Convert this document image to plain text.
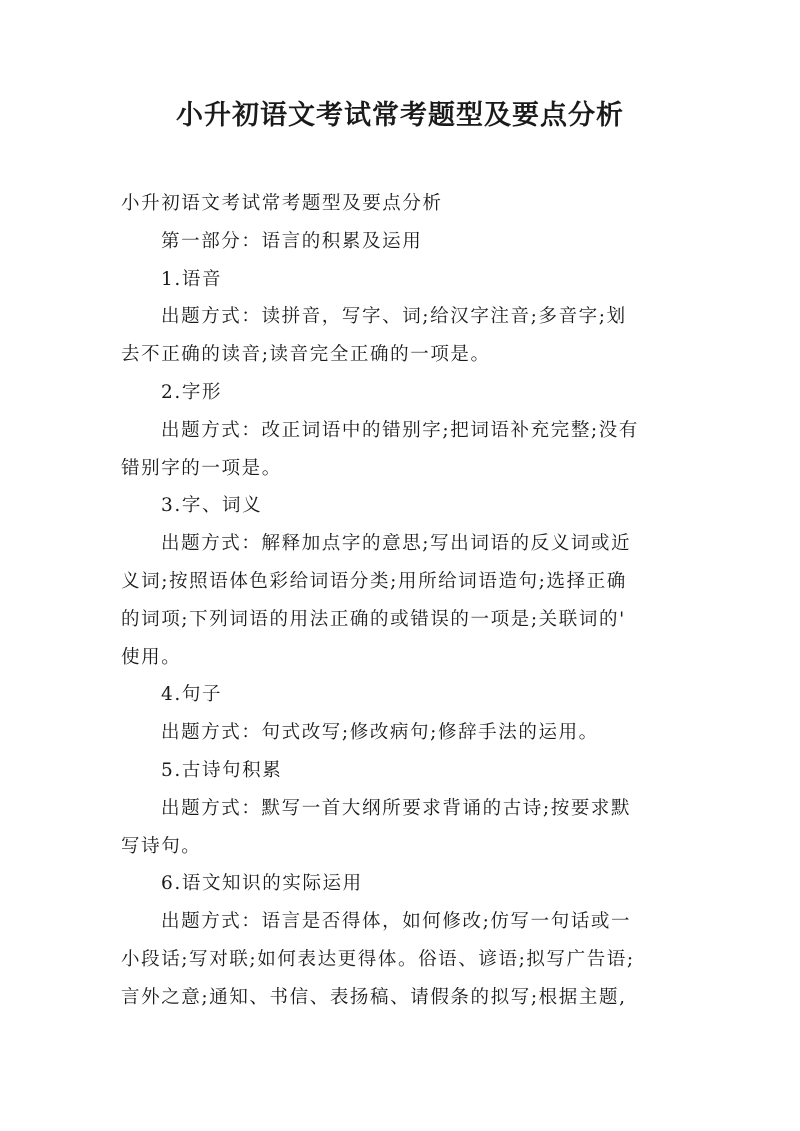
小升初语文考试常考题型及要点分析
小升初语文考试常考题型及要点分析
第一部分：语言的积累及运用
1.语音
出题方式：读拼音，写字、词;给汉字注音;多音字;划
去不正确的读音;读音完全正确的一项是。
2.字形
出题方式：改正词语中的错别字;把词语补充完整;没有
错别字的一项是。
3.字、词义
出题方式：解释加点字的意思;写出词语的反义词或近
义词;按照语体色彩给词语分类;用所给词语造句;选择正确
的词项;下列词语的用法正确的或错误的一项是;关联词的'
使用。
4.句子
出题方式：句式改写;修改病句;修辞手法的运用。
5.古诗句积累
出题方式：默写一首大纲所要求背诵的古诗;按要求默
写诗句。
6.语文知识的实际运用
出题方式：语言是否得体，如何修改;仿写一句话或一
小段话;写对联;如何表达更得体。俗语、谚语;拟写广告语;
言外之意;通知、书信、表扬稿、请假条的拟写;根据主题,
